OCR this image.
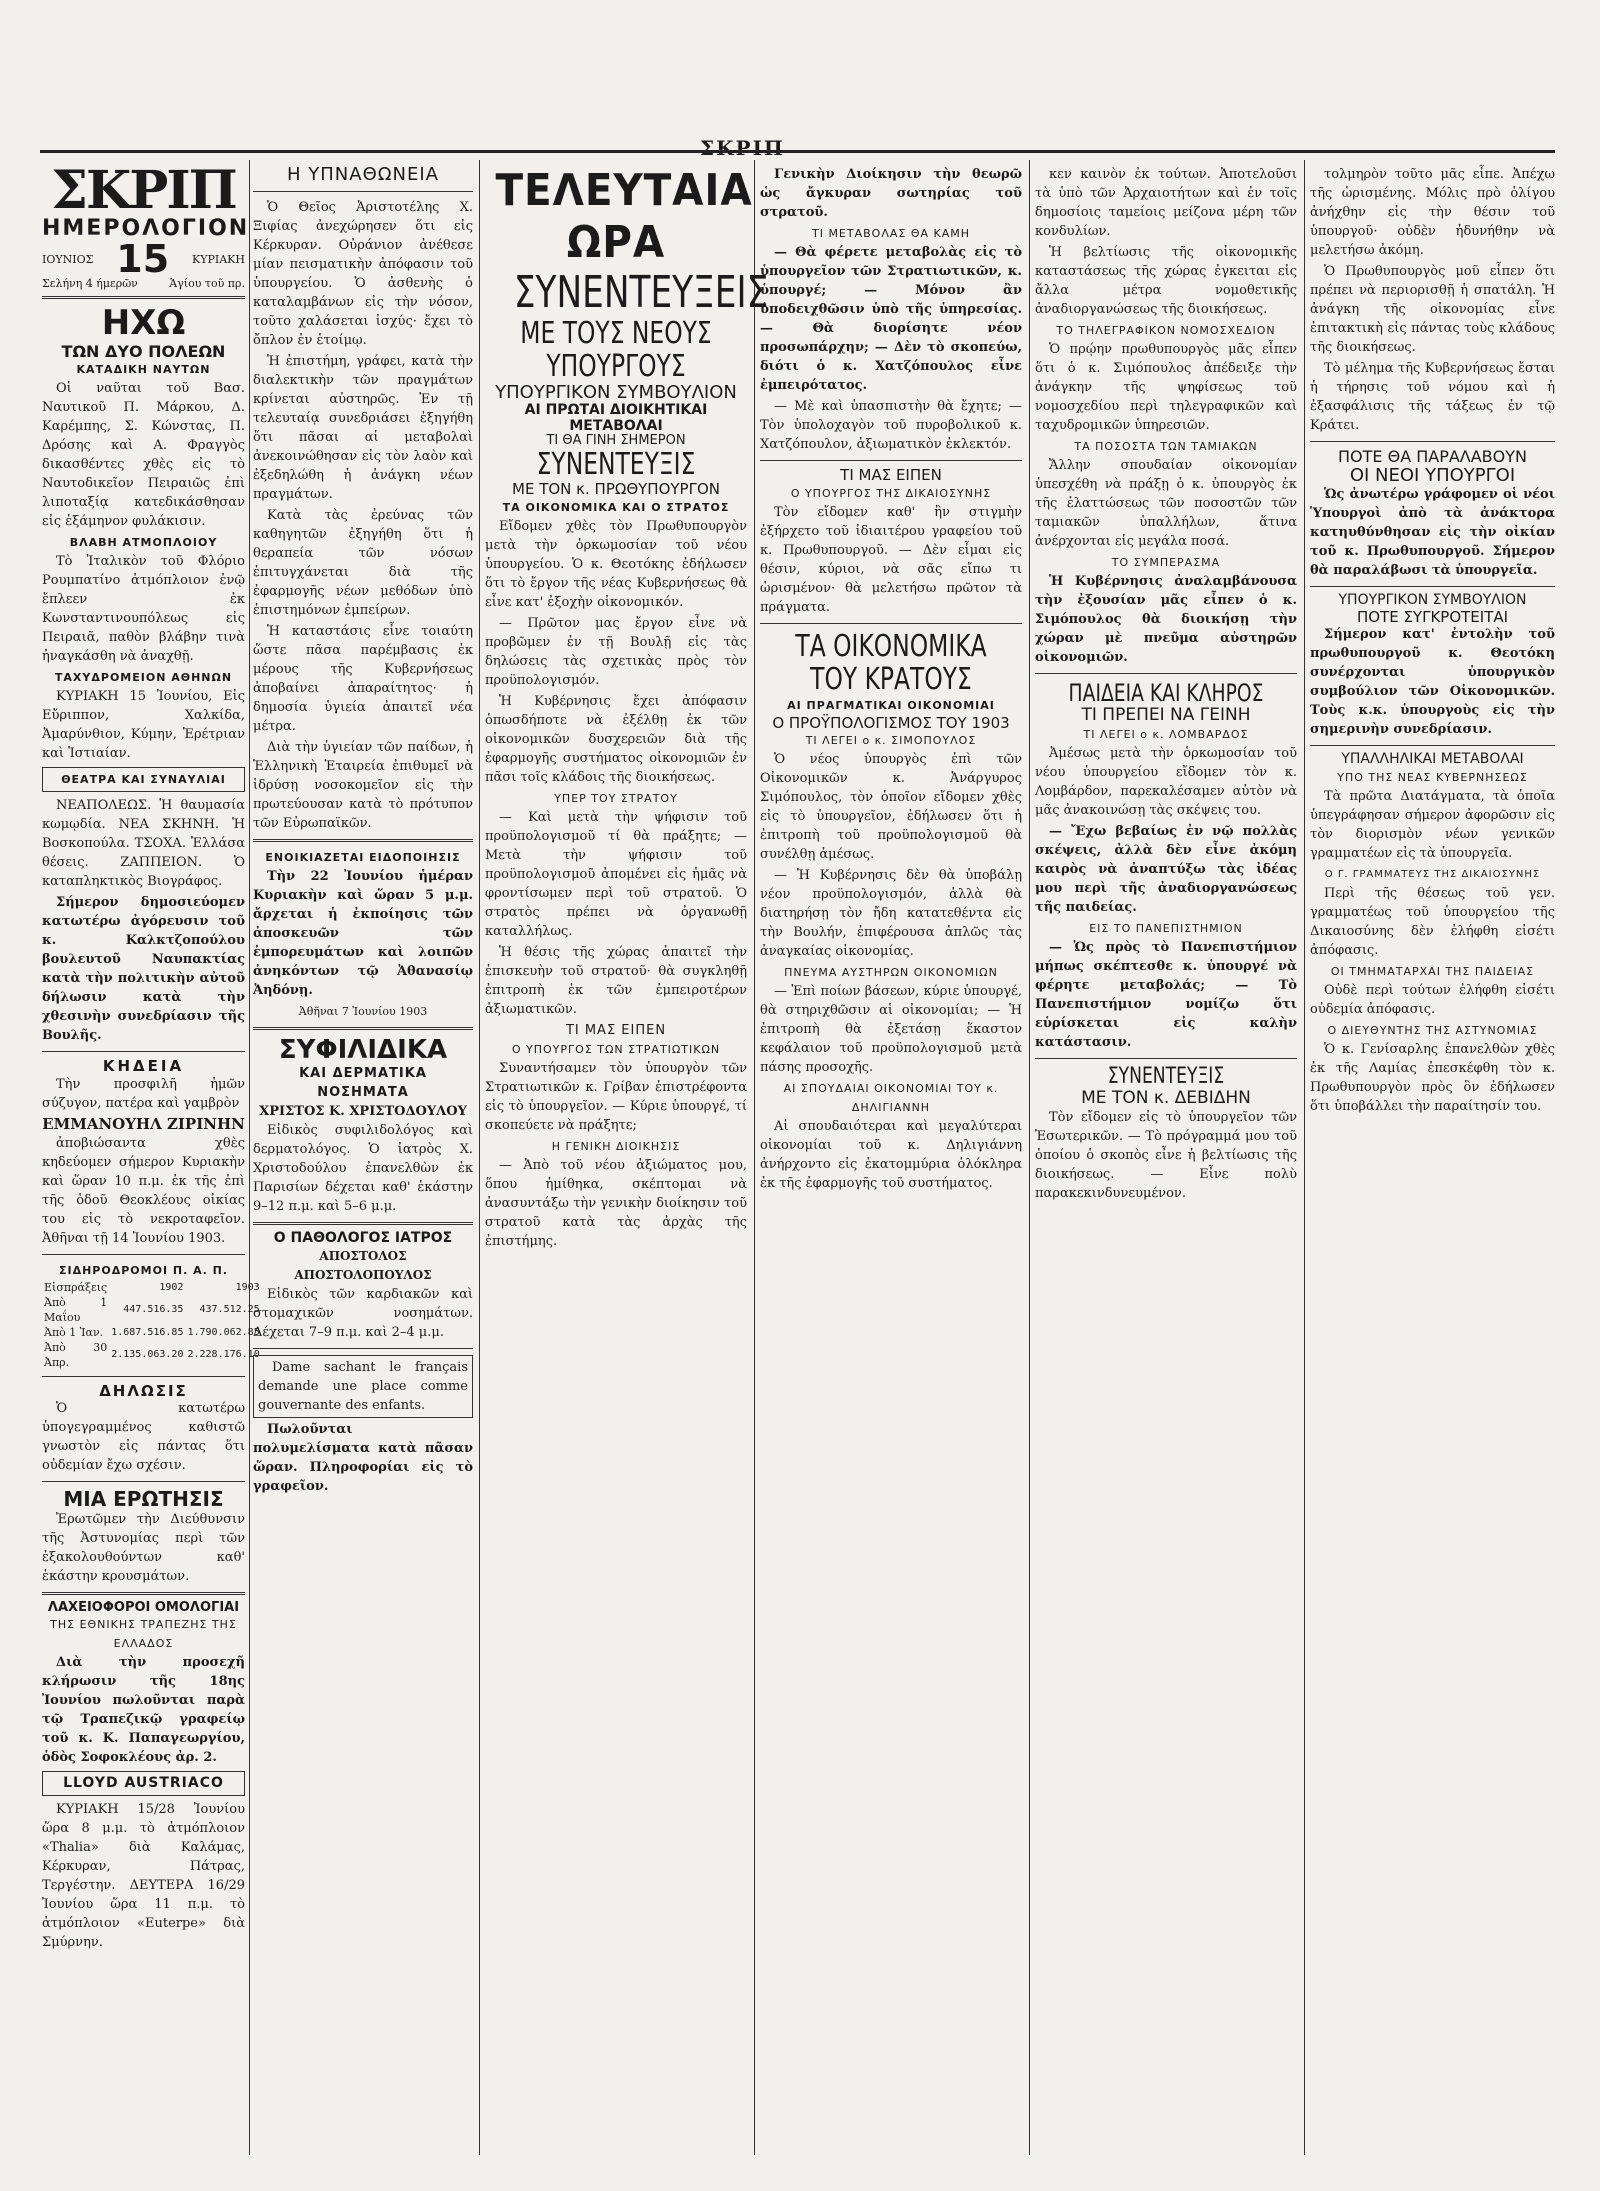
ΣΚΡΙΠ
ΣΚΡΙΠ
ΗΜΕΡΟΛΟΓΙΟΝ
ΙΟΥΝΙΟΣ 15 ΚΥΡΙΑΚΗ
Σελήνη 4 ήμερῶν	Ἁγίου τοῦ πρ.
ΗΧΩ
ΤΩΝ ΔΥΟ ΠΟΛΕΩΝ
ΚΑΤΑΔΙΚΗ ΝΑΥΤΩΝ

Οἱ ναῦται τοῦ Βασ. Ναυτικοῦ Π. Μάρκου, Δ. Καρέμπης, Σ. Κώνστας, Π. Δρόσης καὶ Α. Φραγγὸς δικασθέντες χθὲς εἰς τὸ Ναυτοδικεῖον Πειραιῶς ἐπὶ λιποταξίᾳ κατεδικάσθησαν εἰς ἑξάμηνον φυλάκισιν.

ΒΛΑΒΗ ΑΤΜΟΠΛΟΙΟΥ

Τὸ Ἰταλικὸν τοῦ Φλόριο Ρουμπατίνο ἀτμόπλοιον ἐνῷ ἔπλεεν ἐκ Κωνσταντινουπόλεως εἰς Πειραιᾶ, παθὸν βλάβην τινὰ ἠναγκάσθη νὰ ἀναχθῇ.

ΤΑΧΥΔΡΟΜΕΙΟΝ ΑΘΗΝΩΝ

ΚΥΡΙΑΚΗ 15 Ἰουνίου, Εἰς Εὔριππον, Χαλκίδα, Ἀμαρύνθιον, Κύμην, Ἐρέτριαν καὶ Ἱστιαίαν.

ΘΕΑΤΡΑ ΚΑΙ ΣΥΝΑΥΛΙΑΙ

ΝΕΑΠΟΛΕΩΣ. Ἡ θαυμασία κωμῳδία. ΝΕΑ ΣΚΗΝΗ. Ἡ Βοσκοπούλα. ΤΣΟΧΑ. Ἐλλάσα θέσεις. ΖΑΠΠΕΙΟΝ. Ὁ καταπληκτικὸς Βιογράφος.

Σήμερον δημοσιεύομεν κατωτέρω ἀγόρευσιν τοῦ κ. Καλκτζοπούλου βουλευτοῦ Ναυπακτίας κατὰ τὴν πολιτικὴν αὐτοῦ δήλωσιν κατὰ τὴν χθεσινὴν συνεδρίασιν τῆς Βουλῆς.

ΚΗΔΕΙΑ

Τὴν προσφιλῆ ἡμῶν σύζυγον, πατέρα καὶ γαμβρὸν

ΕΜΜΑΝΟΥΗΛ ΖΙΡΙΝΗΝ

ἀποβιώσαντα χθὲς κηδεύομεν σήμερον Κυριακὴν καὶ ὥραν 10 π.μ. ἐκ τῆς ἐπὶ τῆς ὁδοῦ Θεοκλέους οἰκίας του εἰς τὸ νεκροταφεῖον. Ἀθῆναι τῇ 14 Ἰουνίου 1903.

ΣΙΔΗΡΟΔΡΟΜΟΙ Π. Α. Π.
Εἰσπράξεις	1902	1903
Ἀπὸ 1 Μαΐου	447.516.35	437.512.25
Ἀπὸ 1 Ἰαν.	1.687.516.85	1.790.062.85
Ἀπὸ 30 Ἀπρ.	2.135.063.20	2.228.176.10
ΔΗΛΩΣΙΣ

Ὁ κατωτέρω ὑπογεγραμμένος καθιστῶ γνωστὸν εἰς πάντας ὅτι οὐδεμίαν ἔχω σχέσιν.

ΜΙΑ ΕΡΩΤΗΣΙΣ

Ἐρωτῶμεν τὴν Διεύθυνσιν τῆς Ἀστυνομίας περὶ τῶν ἐξακολουθούντων καθ' ἑκάστην κρουσμάτων.

ΛΑΧΕΙΟΦΟΡΟΙ ΟΜΟΛΟΓΙΑΙ
ΤΗΣ ΕΘΝΙΚΗΣ ΤΡΑΠΕΖΗΣ ΤΗΣ ΕΛΛΑΔΟΣ

Διὰ τὴν προσεχῆ κλήρωσιν τῆς 18ης Ἰουνίου πωλοῦνται παρὰ τῷ Τραπεζικῷ γραφείῳ τοῦ κ. Κ. Παπαγεωργίου, ὁδὸς Σοφοκλέους ἀρ. 2.

LLOYD AUSTRIACO

ΚΥΡΙΑΚΗ 15/28 Ἰουνίου ὥρα 8 μ.μ. τὸ ἀτμόπλοιον «Thalia» διὰ Καλάμας, Κέρκυραν, Πάτρας, Τεργέστην. ΔΕΥΤΕΡΑ 16/29 Ἰουνίου ὥρα 11 π.μ. τὸ ἀτμόπλοιον «Euterpe» διὰ Σμύρνην.

Η ΥΠΝΑΘΩΝΕΙΑ

Ὁ Θεῖος Ἀριστοτέλης Χ. Ξιφίας ἀνεχώρησεν ὅτι εἰς Κέρκυραν. Οὐράνιον ἀνέθεσε μίαν πεισματικὴν ἀπόφασιν τοῦ ὑπουργείου. Ὁ ἀσθενὴς ὁ καταλαμβάνων εἰς τὴν νόσον, τοῦτο χαλάσεται ἰσχύς· ἔχει τὸ ὄπλον ἐν ἑτοίμῳ.

Ἡ ἐπιστήμη, γράφει, κατὰ τὴν διαλεκτικὴν τῶν πραγμάτων κρίνεται αὐστηρῶς. Ἐν τῇ τελευταίᾳ συνεδριάσει ἐξηγήθη ὅτι πᾶσαι αἱ μεταβολαὶ ἀνεκοινώθησαν εἰς τὸν λαὸν καὶ ἐξεδηλώθη ἡ ἀνάγκη νέων πραγμάτων.

Κατὰ τὰς ἐρεύνας τῶν καθηγητῶν ἐξηγήθη ὅτι ἡ θεραπεία τῶν νόσων ἐπιτυγχάνεται διὰ τῆς ἐφαρμογῆς νέων μεθόδων ὑπὸ ἐπιστημόνων ἐμπείρων.

Ἡ καταστάσις εἶνε τοιαύτη ὥστε πᾶσα παρέμβασις ἐκ μέρους τῆς Κυβερνήσεως ἀποβαίνει ἀπαραίτητος· ἡ δημοσία ὑγιεία ἀπαιτεῖ νέα μέτρα.

Διὰ τὴν ὑγιείαν τῶν παίδων, ἡ Ἑλληνικὴ Ἑταιρεία ἐπιθυμεῖ νὰ ἱδρύσῃ νοσοκομεῖον εἰς τὴν πρωτεύουσαν κατὰ τὸ πρότυπον τῶν Εὐρωπαϊκῶν.

ΕΝΟΙΚΙΑΖΕΤΑΙ ΕΙΔΟΠΟΙΗΣΙΣ

Τὴν 22 Ἰουνίου ἡμέραν Κυριακὴν καὶ ὥραν 5 μ.μ. ἄρχεται ἡ ἐκποίησις τῶν ἀποσκευῶν τῶν ἐμπορευμάτων καὶ λοιπῶν ἀνηκόντων τῷ Ἀθανασίῳ Ἀηδόνῃ.

Ἀθῆναι 7 Ἰουνίου 1903
ΣΥΦΙΛΙΔΙΚΑ
ΚΑΙ ΔΕΡΜΑΤΙΚΑ ΝΟΣΗΜΑΤΑ
ΧΡΙΣΤΟΣ Κ. ΧΡΙΣΤΟΔΟΥΛΟΥ

Εἰδικὸς συφιλιδολόγος καὶ δερματολόγος. Ὁ ἰατρὸς Χ. Χριστοδούλου ἐπανελθὼν ἐκ Παρισίων δέχεται καθ' ἑκάστην 9–12 π.μ. καὶ 5–6 μ.μ.

Ο ΠΑΘΟΛΟΓΟΣ ΙΑΤΡΟΣ
ΑΠΟΣΤΟΛΟΣ ΑΠΟΣΤΟΛΟΠΟΥΛΟΣ

Εἰδικὸς τῶν καρδιακῶν καὶ στομαχικῶν νοσημάτων. Δέχεται 7–9 π.μ. καὶ 2–4 μ.μ.

Dame sachant le français demande une place comme gouvernante des enfants.

Πωλοῦνται πολυμελίσματα κατὰ πᾶσαν ὥραν. Πληροφορίαι εἰς τὸ γραφεῖον.

ΤΕΛΕΥΤΑΙΑ ΩΡΑ
ΣΥΝΕΝΤΕΥΞΕΙΣ
ΜΕ ΤΟΥΣ ΝΕΟΥΣ ΥΠΟΥΡΓΟΥΣ
ΥΠΟΥΡΓΙΚΟΝ ΣΥΜΒΟΥΛΙΟΝ
ΑΙ ΠΡΩΤΑΙ ΔΙΟΙΚΗΤΙΚΑΙ ΜΕΤΑΒΟΛΑΙ
ΤΙ ΘΑ ΓΙΝΗ ΣΗΜΕΡΟΝ
ΣΥΝΕΝΤΕΥΞΙΣ
ΜΕ ΤΟΝ κ. ΠΡΩΘΥΠΟΥΡΓΟΝ
ΤΑ ΟΙΚΟΝΟΜΙΚΑ ΚΑΙ Ο ΣΤΡΑΤΟΣ

Εἴδομεν χθὲς τὸν Πρωθυπουργὸν μετὰ τὴν ὁρκωμοσίαν τοῦ νέου ὑπουργείου. Ὁ κ. Θεοτόκης ἐδήλωσεν ὅτι τὸ ἔργον τῆς νέας Κυβερνήσεως θὰ εἶνε κατ' ἐξοχὴν οἰκονομικόν.

— Πρῶτον μας ἔργον εἶνε νὰ προβῶμεν ἐν τῇ Βουλῇ εἰς τὰς δηλώσεις τὰς σχετικὰς πρὸς τὸν προϋπολογισμόν.

Ἡ Κυβέρνησις ἔχει ἀπόφασιν ὁπωσδήποτε νὰ ἐξέλθῃ ἐκ τῶν οἰκονομικῶν δυσχερειῶν διὰ τῆς ἐφαρμογῆς συστήματος οἰκονομιῶν ἐν πᾶσι τοῖς κλάδοις τῆς διοικήσεως.

ΥΠΕΡ ΤΟΥ ΣΤΡΑΤΟΥ

— Καὶ μετὰ τὴν ψήφισιν τοῦ προϋπολογισμοῦ τί θὰ πράξητε; — Μετὰ τὴν ψήφισιν τοῦ προϋπολογισμοῦ ἀπομένει εἰς ἡμᾶς νὰ φροντίσωμεν περὶ τοῦ στρατοῦ. Ὁ στρατὸς πρέπει νὰ ὀργανωθῇ καταλλήλως.

Ἡ θέσις τῆς χώρας ἀπαιτεῖ τὴν ἐπισκευὴν τοῦ στρατοῦ· θὰ συγκληθῇ ἐπιτροπὴ ἐκ τῶν ἐμπειροτέρων ἀξιωματικῶν.

ΤΙ ΜΑΣ ΕΙΠΕΝ
Ο ΥΠΟΥΡΓΟΣ ΤΩΝ ΣΤΡΑΤΙΩΤΙΚΩΝ

Συναντήσαμεν τὸν ὑπουργὸν τῶν Στρατιωτικῶν κ. Γρίβαν ἐπιστρέφοντα εἰς τὸ ὑπουργεῖον. — Κύριε ὑπουργέ, τί σκοπεύετε νὰ πράξητε;

Η ΓΕΝΙΚΗ ΔΙΟΙΚΗΣΙΣ

— Ἀπὸ τοῦ νέου ἀξιώματος μου, ὅπου ἡμίθηκα, σκέπτομαι νὰ ἀνασυντάξω τὴν γενικὴν διοίκησιν τοῦ στρατοῦ κατὰ τὰς ἀρχὰς τῆς ἐπιστήμης.

Γενικὴν Διοίκησιν τὴν θεωρῶ ὡς ἄγκυραν σωτηρίας τοῦ στρατοῦ.

ΤΙ ΜΕΤΑΒΟΛΑΣ ΘΑ ΚΑΜΗ

— Θὰ φέρετε μεταβολὰς εἰς τὸ ὑπουργεῖον τῶν Στρατιωτικῶν, κ. ὑπουργέ; — Μόνον ἂν ὑποδειχθῶσιν ὑπὸ τῆς ὑπηρεσίας. — Θὰ διορίσητε νέον προσωπάρχην; — Δὲν τὸ σκοπεύω, διότι ὁ κ. Χατζόπουλος εἶνε ἐμπειρότατος.

— Μὲ καὶ ὑπασπιστὴν θὰ ἔχητε; — Τὸν ὑπολοχαγὸν τοῦ πυροβολικοῦ κ. Χατζόπουλον, ἀξιωματικὸν ἐκλεκτόν.

ΤΙ ΜΑΣ ΕΙΠΕΝ
Ο ΥΠΟΥΡΓΟΣ ΤΗΣ ΔΙΚΑΙΟΣΥΝΗΣ

Τὸν εἴδομεν καθ' ἣν στιγμὴν ἐξήρχετο τοῦ ἰδιαιτέρου γραφείου τοῦ κ. Πρωθυπουργοῦ. — Δὲν εἶμαι εἰς θέσιν, κύριοι, νὰ σᾶς εἴπω τι ὡρισμένον· θὰ μελετήσω πρῶτον τὰ πράγματα.

ΤΑ ΟΙΚΟΝΟΜΙΚΑ
ΤΟΥ ΚΡΑΤΟΥΣ
ΑΙ ΠΡΑΓΜΑΤΙΚΑΙ ΟΙΚΟΝΟΜΙΑΙ
Ο ΠΡΟΫΠΟΛΟΓΙΣΜΟΣ ΤΟΥ 1903
ΤΙ ΛΕΓΕΙ ο κ. ΣΙΜΟΠΟΥΛΟΣ

Ὁ νέος ὑπουργὸς ἐπὶ τῶν Οἰκονομικῶν κ. Ἀνάργυρος Σιμόπουλος, τὸν ὁποῖον εἴδομεν χθὲς εἰς τὸ ὑπουργεῖον, ἐδήλωσεν ὅτι ἡ ἐπιτροπὴ τοῦ προϋπολογισμοῦ θὰ συνέλθῃ ἀμέσως.

— Ἡ Κυβέρνησις δὲν θὰ ὑποβάλῃ νέον προϋπολογισμόν, ἀλλὰ θὰ διατηρήσῃ τὸν ἤδη κατατεθέντα εἰς τὴν Βουλήν, ἐπιφέρουσα ἁπλῶς τὰς ἀναγκαίας οἰκονομίας.

ΠΝΕΥΜΑ ΑΥΣΤΗΡΩΝ ΟΙΚΟΝΟΜΙΩΝ

— Ἐπὶ ποίων βάσεων, κύριε ὑπουργέ, θὰ στηριχθῶσιν αἱ οἰκονομίαι; — Ἡ ἐπιτροπὴ θὰ ἐξετάσῃ ἕκαστον κεφάλαιον τοῦ προϋπολογισμοῦ μετὰ πάσης προσοχῆς.

ΑΙ ΣΠΟΥΔΑΙΑΙ ΟΙΚΟΝΟΜΙΑΙ ΤΟΥ κ. ΔΗΛΙΓΙΑΝΝΗ

Αἱ σπουδαιότεραι καὶ μεγαλύτεραι οἰκονομίαι τοῦ κ. Δηλιγιάννη ἀνήρχοντο εἰς ἑκατομμύρια ὁλόκληρα ἐκ τῆς ἐφαρμογῆς τοῦ συστήματος.

κεν καινὸν ἐκ τούτων. Ἀποτελοῦσι τὰ ὑπὸ τῶν Ἀρχαιοτήτων καὶ ἐν τοῖς δημοσίοις ταμείοις μείζονα μέρη τῶν κονδυλίων.

Ἡ βελτίωσις τῆς οἰκονομικῆς καταστάσεως τῆς χώρας ἐγκειται εἰς ἄλλα μέτρα νομοθετικῆς ἀναδιοργανώσεως τῆς διοικήσεως.

ΤΟ ΤΗΛΕΓΡΑΦΙΚΟΝ ΝΟΜΟΣΧΕΔΙΟΝ

Ὁ πρῴην πρωθυπουργὸς μᾶς εἶπεν ὅτι ὁ κ. Σιμόπουλος ἀπέδειξε τὴν ἀνάγκην τῆς ψηφίσεως τοῦ νομοσχεδίου περὶ τηλεγραφικῶν καὶ ταχυδρομικῶν ὑπηρεσιῶν.

ΤΑ ΠΟΣΟΣΤΑ ΤΩΝ ΤΑΜΙΑΚΩΝ

Ἄλλην σπουδαίαν οἰκονομίαν ὑπεσχέθη νὰ πράξῃ ὁ κ. ὑπουργὸς ἐκ τῆς ἐλαττώσεως τῶν ποσοστῶν τῶν ταμιακῶν ὑπαλλήλων, ἅτινα ἀνέρχονται εἰς μεγάλα ποσά.

ΤΟ ΣΥΜΠΕΡΑΣΜΑ

Ἡ Κυβέρνησις ἀναλαμβάνουσα τὴν ἐξουσίαν μᾶς εἶπεν ὁ κ. Σιμόπουλος θὰ διοικήσῃ τὴν χώραν μὲ πνεῦμα αὐστηρῶν οἰκονομιῶν.

ΠΑΙΔΕΙΑ ΚΑΙ ΚΛΗΡΟΣ
ΤΙ ΠΡΕΠΕΙ ΝΑ ΓΕΙΝΗ
ΤΙ ΛΕΓΕΙ ο κ. ΛΟΜΒΑΡΔΟΣ

Ἀμέσως μετὰ τὴν ὁρκωμοσίαν τοῦ νέου ὑπουργείου εἴδομεν τὸν κ. Λομβάρδον, παρεκαλέσαμεν αὐτὸν νὰ μᾶς ἀνακοινώσῃ τὰς σκέψεις του.

— Ἔχω βεβαίως ἐν νῷ πολλὰς σκέψεις, ἀλλὰ δὲν εἶνε ἀκόμη καιρὸς νὰ ἀναπτύξω τὰς ἰδέας μου περὶ τῆς ἀναδιοργανώσεως τῆς παιδείας.

ΕΙΣ ΤΟ ΠΑΝΕΠΙΣΤΗΜΙΟΝ

— Ὡς πρὸς τὸ Πανεπιστήμιον μήπως σκέπτεσθε κ. ὑπουργέ νὰ φέρητε μεταβολάς; — Τὸ Πανεπιστήμιον νομίζω ὅτι εὑρίσκεται εἰς καλὴν κατάστασιν.

ΣΥΝΕΝΤΕΥΞΙΣ
ΜΕ ΤΟΝ κ. ΔΕΒΙΔΗΝ

Τὸν εἴδομεν εἰς τὸ ὑπουργεῖον τῶν Ἐσωτερικῶν. — Τὸ πρόγραμμά μου τοῦ ὁποίου ὁ σκοπὸς εἶνε ἡ βελτίωσις τῆς διοικήσεως. — Εἶνε πολὺ παρακεκινδυνευμένον.

τολμηρὸν τοῦτο μᾶς εἶπε. Ἀπέχω τῆς ὡρισμένης. Μόλις πρὸ ὀλίγου ἀνήχθην εἰς τὴν θέσιν τοῦ ὑπουργοῦ· οὐδὲν ἠδυνήθην νὰ μελετήσω ἀκόμη.

Ὁ Πρωθυπουργὸς μοῦ εἶπεν ὅτι πρέπει νὰ περιορισθῇ ἡ σπατάλη. Ἡ ἀνάγκη τῆς οἰκονομίας εἶνε ἐπιτακτικὴ εἰς πάντας τοὺς κλάδους τῆς διοικήσεως.

Τὸ μέλημα τῆς Κυβερνήσεως ἔσται ἡ τήρησις τοῦ νόμου καὶ ἡ ἐξασφάλισις τῆς τάξεως ἐν τῷ Κράτει.

ΠΟΤΕ ΘΑ ΠΑΡΑΛΑΒΟΥΝ
ΟΙ ΝΕΟΙ ΥΠΟΥΡΓΟΙ

Ὡς ἀνωτέρω γράφομεν οἱ νέοι Ὑπουργοὶ ἀπὸ τὰ ἀνάκτορα κατηυθύνθησαν εἰς τὴν οἰκίαν τοῦ κ. Πρωθυπουργοῦ. Σήμερον θὰ παραλάβωσι τὰ ὑπουργεῖα.

ΥΠΟΥΡΓΙΚΟΝ ΣΥΜΒΟΥΛΙΟΝ
ΠΟΤΕ ΣΥΓΚΡΟΤΕΙΤΑΙ

Σήμερον κατ' ἐντολὴν τοῦ πρωθυπουργοῦ κ. Θεοτόκη συνέρχονται ὑπουργικὸν συμβούλιον τῶν Οἰκονομικῶν. Τοὺς κ.κ. ὑπουργοὺς εἰς τὴν σημερινὴν συνεδρίασιν.

ΥΠΑΛΛΗΛΙΚΑΙ ΜΕΤΑΒΟΛΑΙ
ΥΠΟ ΤΗΣ ΝΕΑΣ ΚΥΒΕΡΝΗΣΕΩΣ

Τὰ πρῶτα Διατάγματα, τὰ ὁποῖα ὑπεγράφησαν σήμερον ἀφορῶσιν εἰς τὸν διορισμὸν νέων γενικῶν γραμματέων εἰς τὰ ὑπουργεῖα.

Ο Γ. ΓΡΑΜΜΑΤΕΥΣ ΤΗΣ ΔΙΚΑΙΟΣΥΝΗΣ

Περὶ τῆς θέσεως τοῦ γεν. γραμματέως τοῦ ὑπουργείου τῆς Δικαιοσύνης δὲν ἐλήφθη εἰσέτι ἀπόφασις.

ΟΙ ΤΜΗΜΑΤΑΡΧΑΙ ΤΗΣ ΠΑΙΔΕΙΑΣ

Οὐδὲ περὶ τούτων ἐλήφθη εἰσέτι οὐδεμία ἀπόφασις.

Ο ΔΙΕΥΘΥΝΤΗΣ ΤΗΣ ΑΣΤΥΝΟΜΙΑΣ

Ὁ κ. Γενίσαρλης ἐπανελθὼν χθὲς ἐκ τῆς Λαμίας ἐπεσκέφθη τὸν κ. Πρωθυπουργὸν πρὸς ὃν ἐδήλωσεν ὅτι ὑποβάλλει τὴν παραίτησίν του.
